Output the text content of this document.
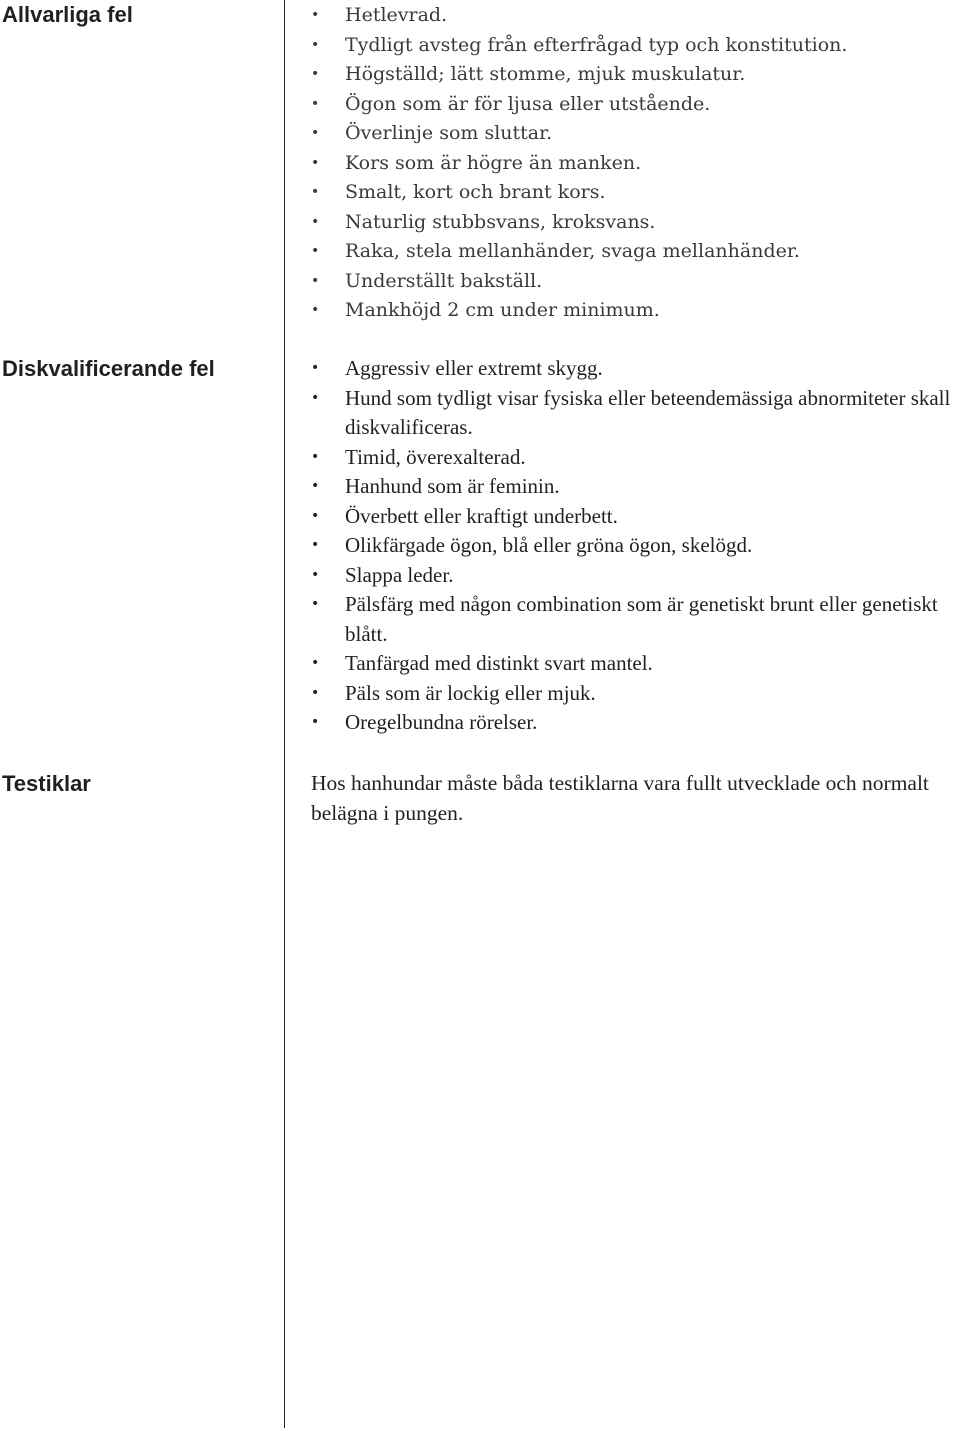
Allvarliga fel	• Hetlevrad.
• Tydligt avsteg från efterfrågad typ och konstitution.
• Högställd; lätt stomme, mjuk muskulatur.
• Ögon som är för ljusa eller utstående.
• Överlinje som sluttar.
• Kors som är högre än manken.
• Smalt, kort och brant kors.
• Naturlig stubbsvans, kroksvans.
• Raka, stela mellanhänder, svaga mellanhänder.
• Underställt bakställ.
• Mankhöjd 2 cm under minimum.
Diskvalificerande fel	• Aggressiv eller extremt skygg.
• Hund som tydligt visar fysiska eller beteendemässiga abnormiteter skall diskvalificeras.
• Timid, överexalterad.
• Hanhund som är feminin.
• Överbett eller kraftigt underbett.
• Olikfärgade ögon, blå eller gröna ögon, skelögd.
• Slappa leder.
• Pälsfärg med någon combination som är genetiskt brunt eller genetiskt blått.
• Tanfärgad med distinkt svart mantel.
• Päls som är lockig eller mjuk.
• Oregelbundna rörelser.
Testiklar	Hos hanhundar måste båda testiklarna vara fullt utvecklade och normalt belägna i pungen.
